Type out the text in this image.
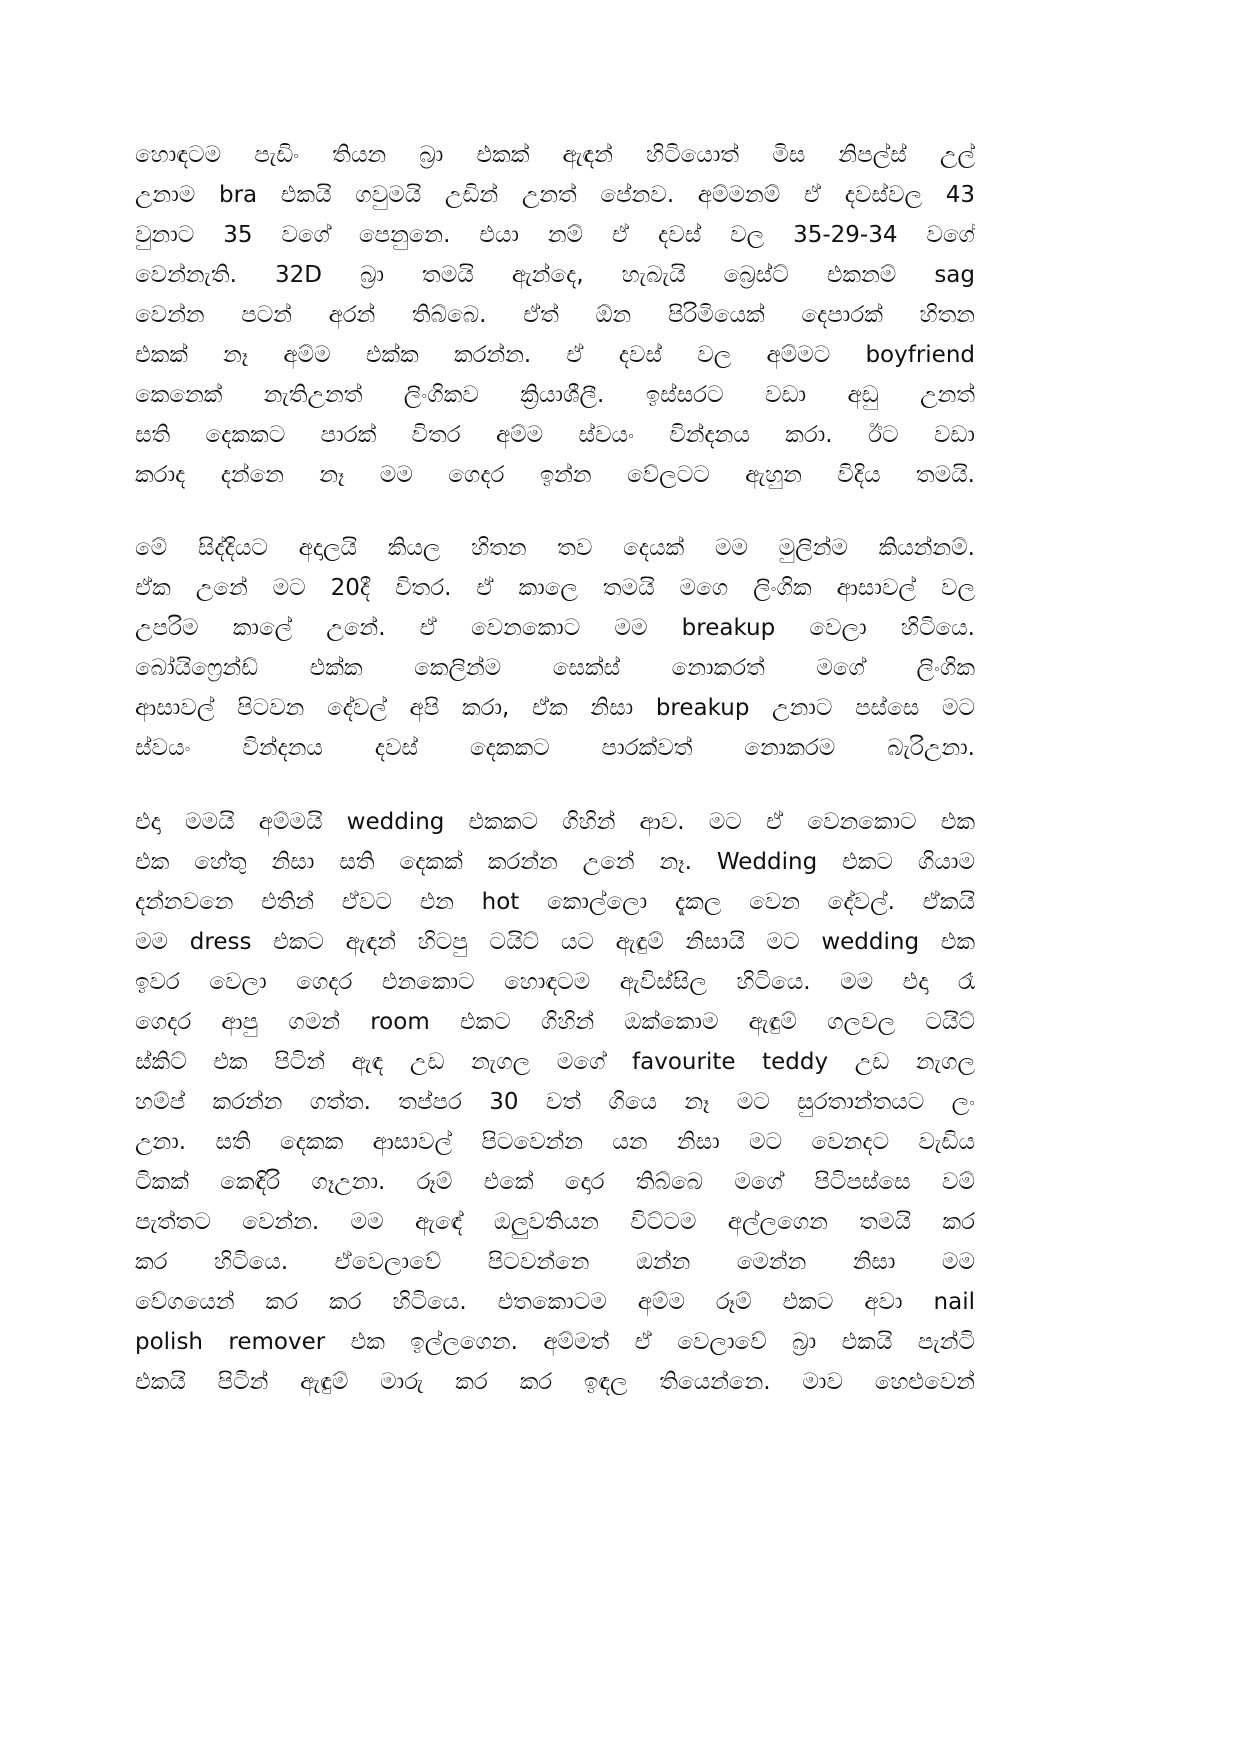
හොඳටම පැඩිං තියන බ්‍රා එකක් ඇඳන් හිටියොත් මිස නිපල්ස් උල්
උනාම bra එකයි ගවුමයි උඩින් උනත් පේනව. අම්මනම් ඒ දවස්වල 43
වුනාට 35 වගේ පෙනුනෙ. එයා නම් ඒ දවස් වල 35-29-34 වගේ
වෙන්නැති. 32D බ්‍රා තමයි ඇන්දෙ, හැබැයි බ්‍රෙස්ට් එකනම් sag
වෙන්න පටන් අරන් තිබ්බෙ. ඒත් ඕන පිරිමියෙක් දෙපාරක් හිතන
එකක් නෑ අම්ම එක්ක කරන්න. ඒ දවස් වල අම්මට boyfriend
කෙනෙක් නැතිඋනත් ලිංගිකව ක්‍රියාශීලී. ඉස්සරට වඩා අඩු උනත්
සති දෙකකට පාරක් විතර අම්ම ස්වයං වින්දනය කරා. ඊට වඩා
කරාද දන්නෙ නෑ මම ගෙදර ඉන්න වේලටට ඇහුන විදිය තමයි.
මේ සිද්දියට අදාලයි කියල හිතන තව දෙයක් මම මුලින්ම කියන්නම්.
ඒක උනේ මට 20දී විතර. ඒ කාලෙ තමයි මගෙ ලිංගික ආසාවල් වල
උපරිම කාලේ උනේ. ඒ වෙනකොට මම breakup වෙලා හිටියෙ.
බෝයිෆ්‍රෙන්ඩ් එක්ක කෙලින්ම සෙක්ස් නොකරත් මගේ ලිංගික
ආසාවල් පිටවන දේවල් අපි කරා, ඒක නිසා breakup උනාට පස්සෙ මට
ස්වයං වින්දනය දවස් දෙකකට පාරක්වත් නොකරම බැරිඋනා.
එදා මමයි අම්මයි wedding එකකට ගිහින් ආව. මට ඒ වෙනකොට එක
එක හේතු නිසා සති දෙකක් කරන්න උනේ නෑ. Wedding එකට ගියාම
දන්නවනෙ එතින් ඒවට එන hot කොල්ලො දැකල වෙන දේවල්. ඒකයි
මම dress එකට ඇඳන් හිටපු ටයිට් යට ඇඳුම් නිසායි මට wedding එක
ඉවර වෙලා ගෙදර එනකොට හොඳටම ඇවිස්සිල හිටියෙ. මම එදා රෑ
ගෙදර ආපු ගමන් room එකට ගිහින් ඔක්කොම ඇඳුම් ගලවල ටයිට්
ස්කිට් එක පිටින් ඇඳ උඩ නැගල මගේ favourite teddy උඩ නැගල
හම්ප් කරන්න ගත්ත. තප්පර 30 වත් ගියෙ නෑ මට සුරතාන්තයට ලං
උනා. සති දෙකක ආසාවල් පිටවෙන්න යන නිසා මට වෙනදට වැඩිය
ටිකක් කෙඳිරි ගෑඋනා. රූම් එකේ දොර තිබ්බෙ මගේ පිටිපස්සෙ වම්
පැත්තට වෙන්න. මම ඇඳේ ඔලුවතියන විට්ටම අල්ලගෙන තමයි කර
කර හිටියෙ. ඒවෙලාවේ පිටවන්නෙ ඔන්න මෙන්න නිසා මම
වේගයෙන් කර කර හිටියෙ. එතකොටම අම්ම රූම් එකට අවා nail
polish remover එක ඉල්ලගෙන. අම්මත් ඒ වෙලාවේ බ්‍රා එකයි පැන්ටි
එකයි පිටින් ඇඳුම් මාරු කර කර ඉඳල තියෙන්නෙ. මාව හෙළුවෙන්
